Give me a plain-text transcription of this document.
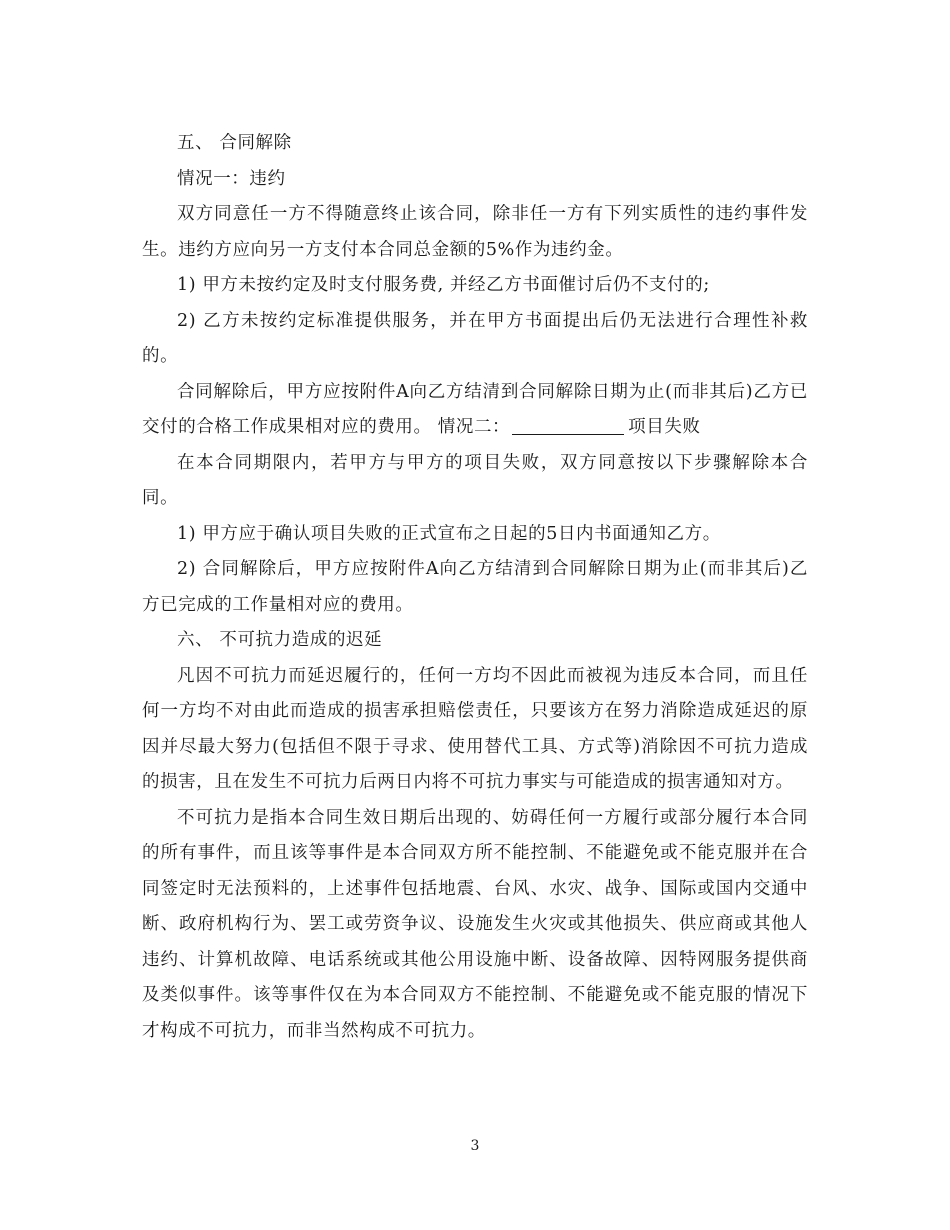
五、 合同解除

情况一：违约

双方同意任一方不得随意终止该合同，除非任一方有下列实质性的违约事件发生。违约方应向另一方支付本合同总金额的5%作为违约金。

1) 甲方未按约定及时支付服务费, 并经乙方书面催讨后仍不支付的;

2) 乙方未按约定标准提供服务，并在甲方书面提出后仍无法进行合理性补救的。

合同解除后，甲方应按附件A向乙方结清到合同解除日期为止(而非其后)乙方已交付的合格工作成果相对应的费用。 情况二：	项目失败

在本合同期限内，若甲方与甲方的项目失败，双方同意按以下步骤解除本合同。

1) 甲方应于确认项目失败的正式宣布之日起的5日内书面通知乙方。

2) 合同解除后，甲方应按附件A向乙方结清到合同解除日期为止(而非其后)乙方已完成的工作量相对应的费用。

六、 不可抗力造成的迟延

凡因不可抗力而延迟履行的，任何一方均不因此而被视为违反本合同，而且任何一方均不对由此而造成的损害承担赔偿责任，只要该方在努力消除造成延迟的原因并尽最大努力(包括但不限于寻求、使用替代工具、方式等)消除因不可抗力造成的损害，且在发生不可抗力后两日内将不可抗力事实与可能造成的损害通知对方。

不可抗力是指本合同生效日期后出现的、妨碍任何一方履行或部分履行本合同的所有事件，而且该等事件是本合同双方所不能控制、不能避免或不能克服并在合同签定时无法预料的，上述事件包括地震、台风、水灾、战争、国际或国内交通中断、政府机构行为、罢工或劳资争议、设施发生火灾或其他损失、供应商或其他人违约、计算机故障、电话系统或其他公用设施中断、设备故障、因特网服务提供商及类似事件。该等事件仅在为本合同双方不能控制、不能避免或不能克服的情况下才构成不可抗力，而非当然构成不可抗力。

3
